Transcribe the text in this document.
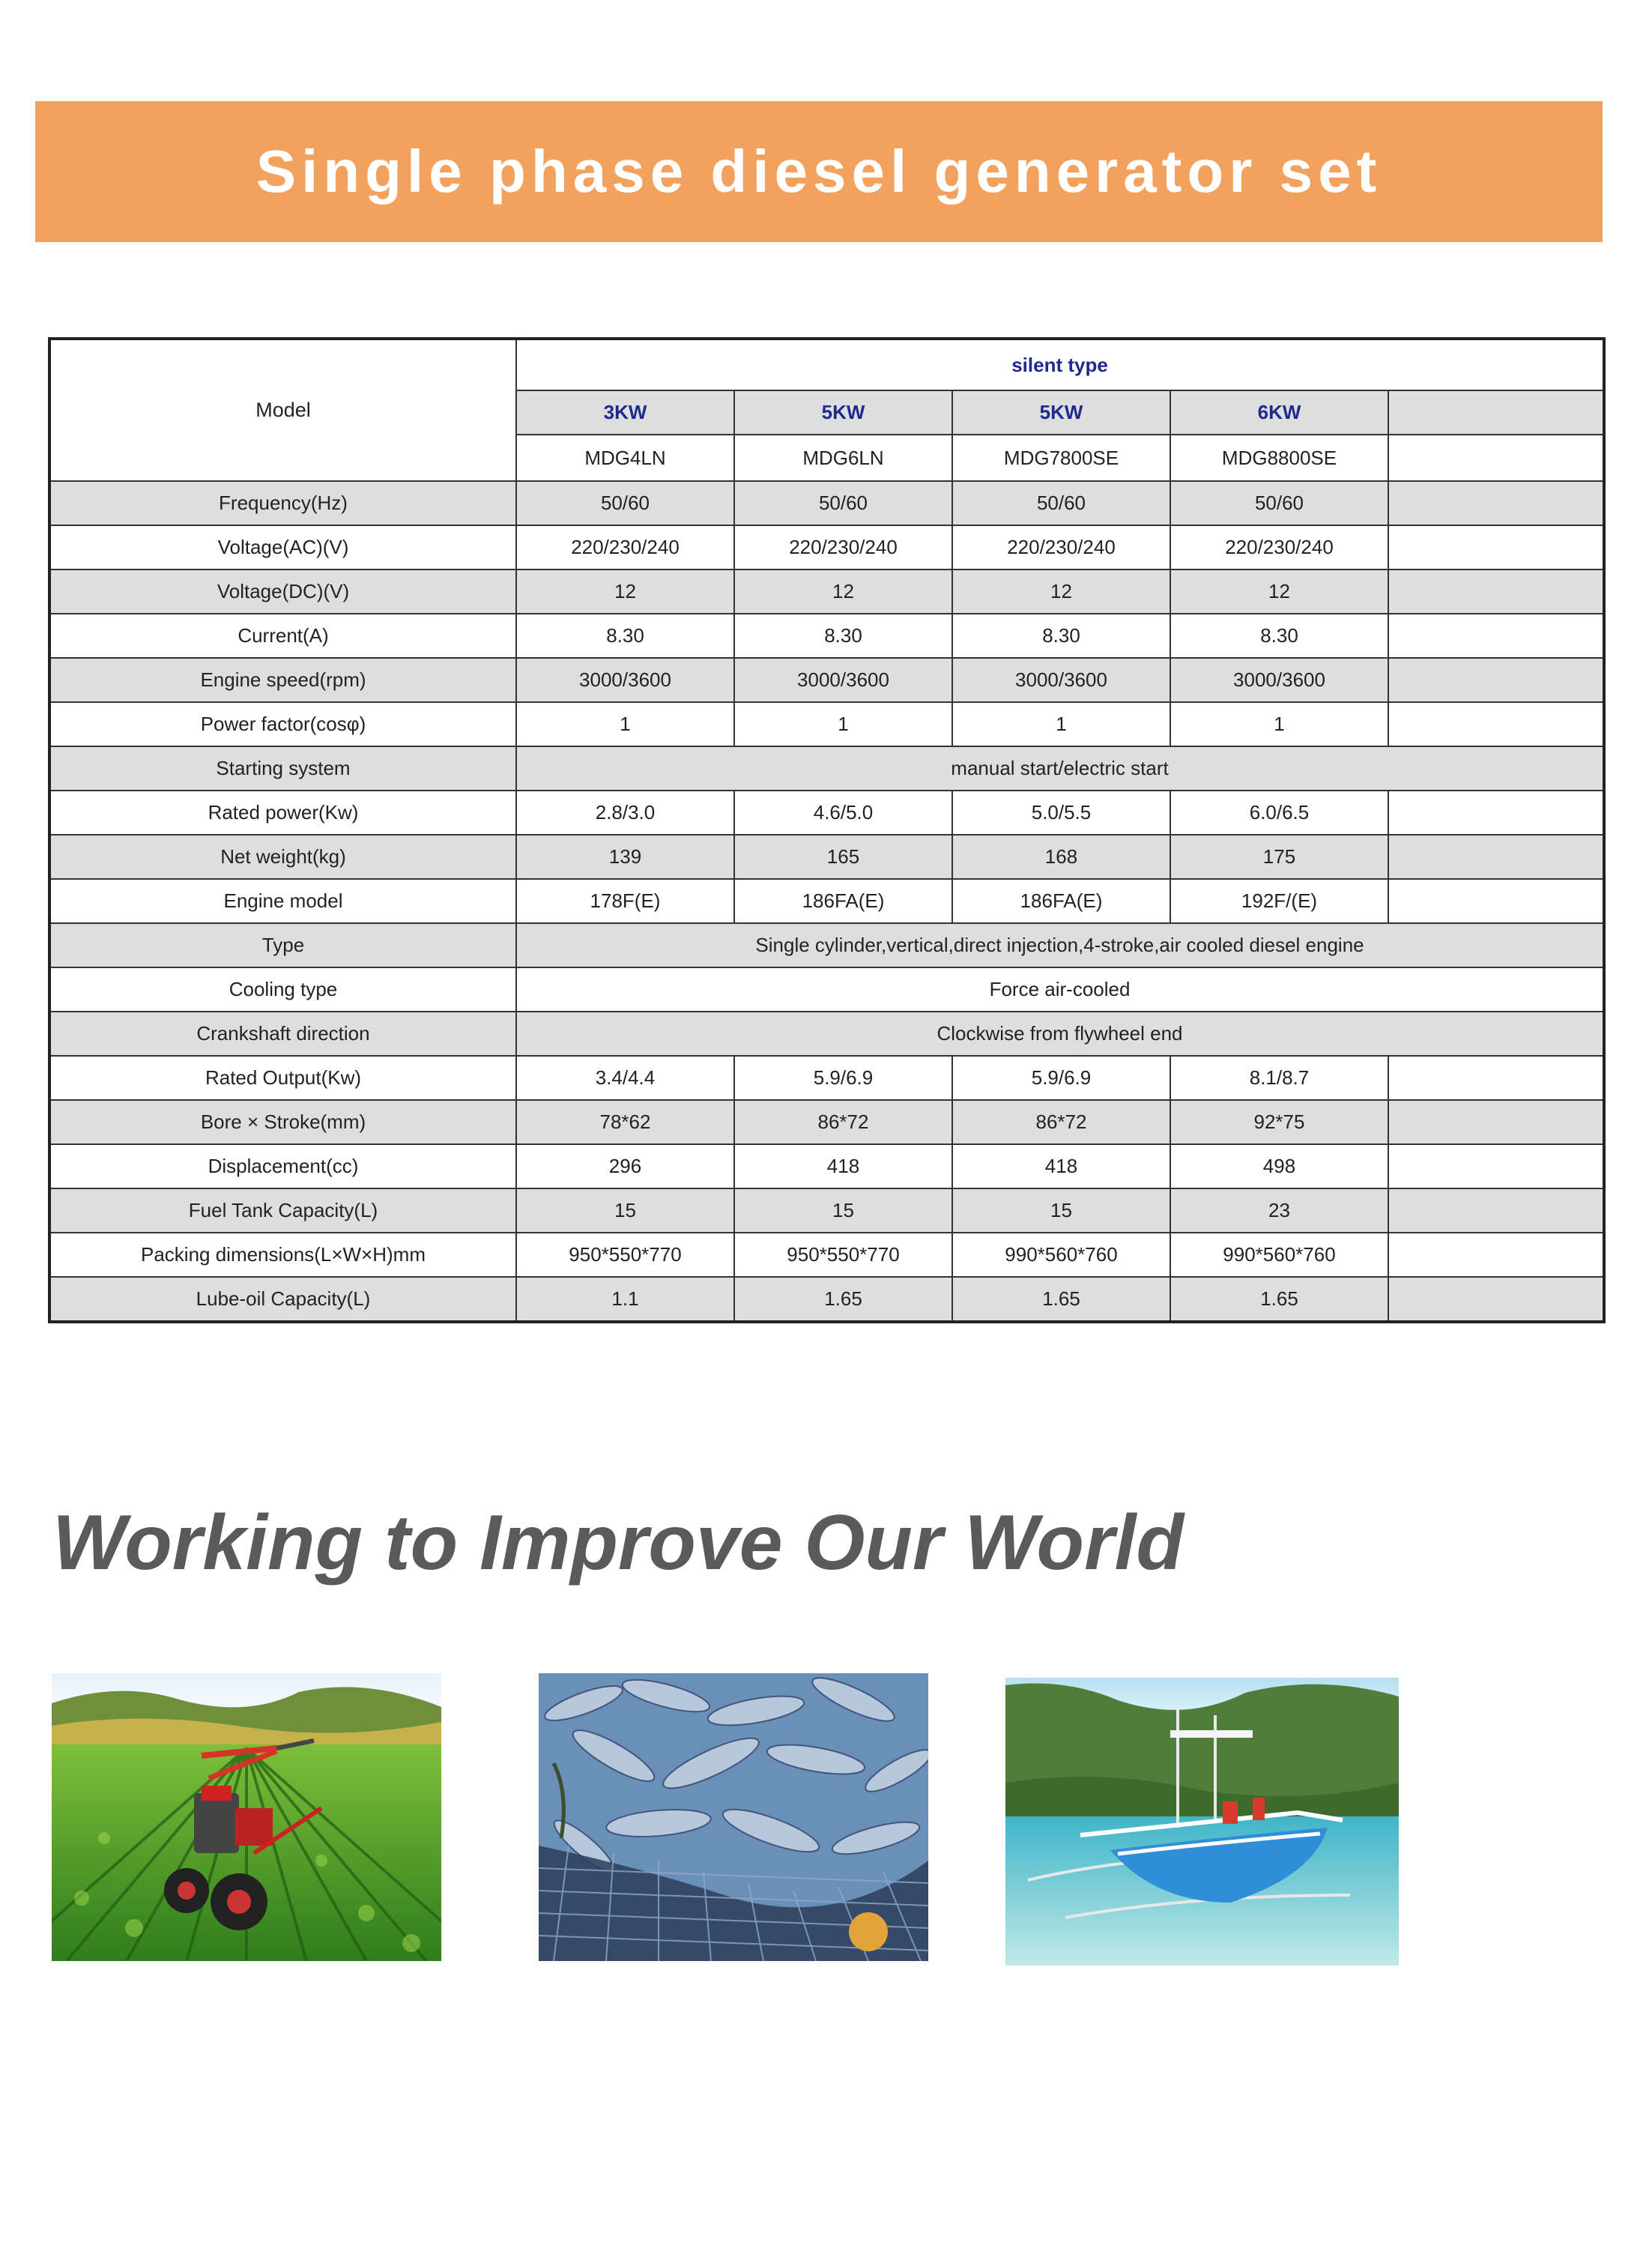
Single phase diesel generator set
Model	silent type				
	3KW	5KW	5KW	6KW	
	MDG4LN	MDG6LN	MDG7800SE	MDG8800SE	
Frequency(Hz)	50/60	50/60	50/60	50/60	
Voltage(AC)(V)	220/230/240	220/230/240	220/230/240	220/230/240	
Voltage(DC)(V)	12	12	12	12	
Current(A)	8.30	8.30	8.30	8.30	
Engine speed(rpm)	3000/3600	3000/3600	3000/3600	3000/3600	
Power factor(cosφ)	1	1	1	1	
Starting system	manual start/electric start				
Rated power(Kw)	2.8/3.0	4.6/5.0	5.0/5.5	6.0/6.5	
Net weight(kg)	139	165	168	175	
Engine model	178F(E)	186FA(E)	186FA(E)	192F/(E)	
Type	Single cylinder,vertical,direct injection,4-stroke,air cooled diesel engine				
Cooling type	Force air-cooled				
Crankshaft direction	Clockwise from flywheel end				
Rated Output(Kw)	3.4/4.4	5.9/6.9	5.9/6.9	8.1/8.7	
Bore × Stroke(mm)	78*62	86*72	86*72	92*75	
Displacement(cc)	296	418	418	498	
Fuel Tank Capacity(L)	15	15	15	23	
Packing dimensions(L×W×H)mm	950*550*770	950*550*770	990*560*760	990*560*760	
Lube-oil Capacity(L)	1.1	1.65	1.65	1.65	
Working to Improve Our World
